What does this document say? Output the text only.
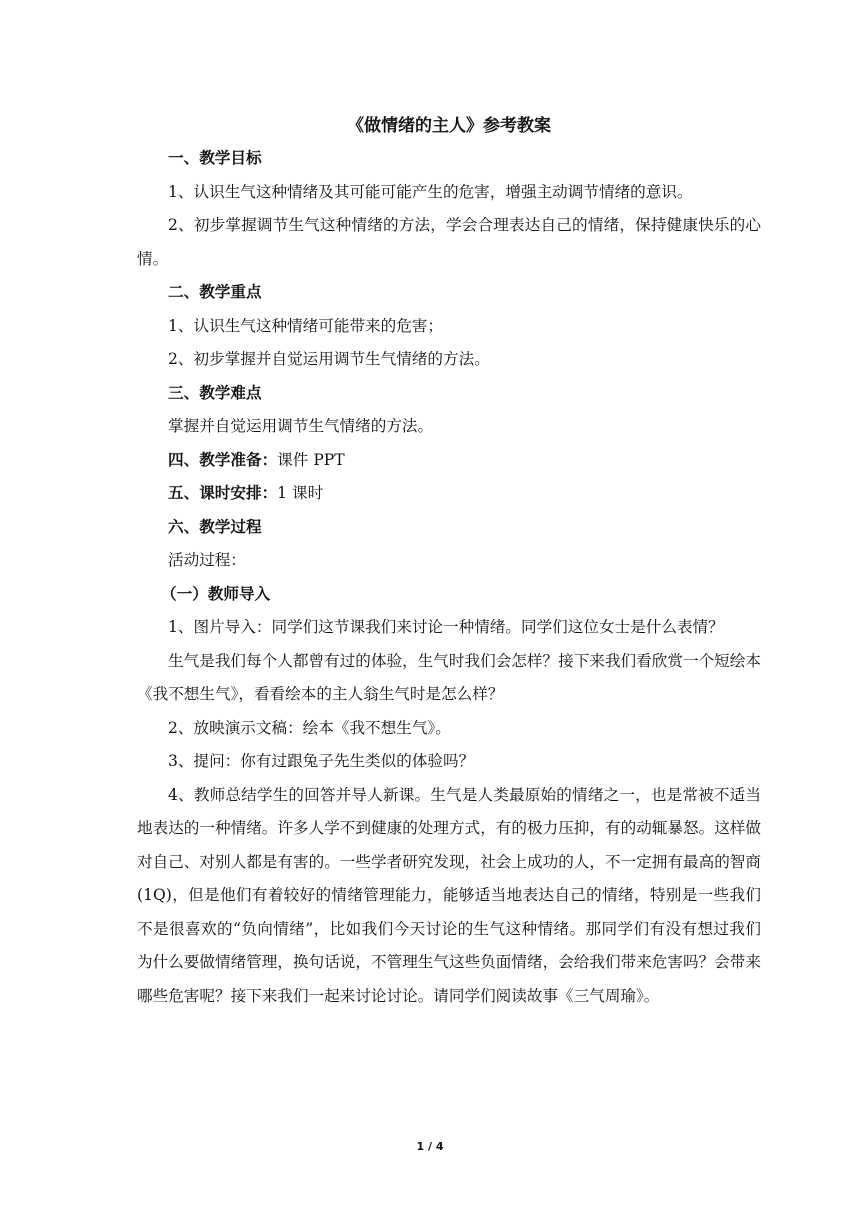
《做情绪的主人》参考教案

一、教学目标

1、认识生气这种情绪及其可能可能产生的危害，增强主动调节情绪的意识。

2、初步掌握调节生气这种情绪的方法，学会合理表达自己的情绪，保持健康快乐的心情。

二、教学重点

1、认识生气这种情绪可能带来的危害；

2、初步掌握并自觉运用调节生气情绪的方法。

三、教学难点

掌握并自觉运用调节生气情绪的方法。

四、教学准备：课件 PPT

五、课时安排：1 课时

六、教学过程

活动过程：

（一）教师导入

1、图片导入：同学们这节课我们来讨论一种情绪。同学们这位女士是什么表情？

生气是我们每个人都曾有过的体验，生气时我们会怎样？接下来我们看欣赏一个短绘本《我不想生气》，看看绘本的主人翁生气时是怎么样？

2、放映演示文稿：绘本《我不想生气》。

3、提问：你有过跟兔子先生类似的体验吗？

4、教师总结学生的回答并导人新课。生气是人类最原始的情绪之一，也是常被不适当地表达的一种情绪。许多人学不到健康的处理方式，有的极力压抑，有的动辄暴怒。这样做对自己、对别人都是有害的。一些学者研究发现，社会上成功的人，不一定拥有最高的智商(1Q)，但是他们有着较好的情绪管理能力，能够适当地表达自己的情绪，特别是一些我们不是很喜欢的“负向情绪”，比如我们今天讨论的生气这种情绪。那同学们有没有想过我们为什么要做情绪管理，换句话说，不管理生气这些负面情绪，会给我们带来危害吗？会带来哪些危害呢？接下来我们一起来讨论讨论。请同学们阅读故事《三气周瑜》。

1 / 4
